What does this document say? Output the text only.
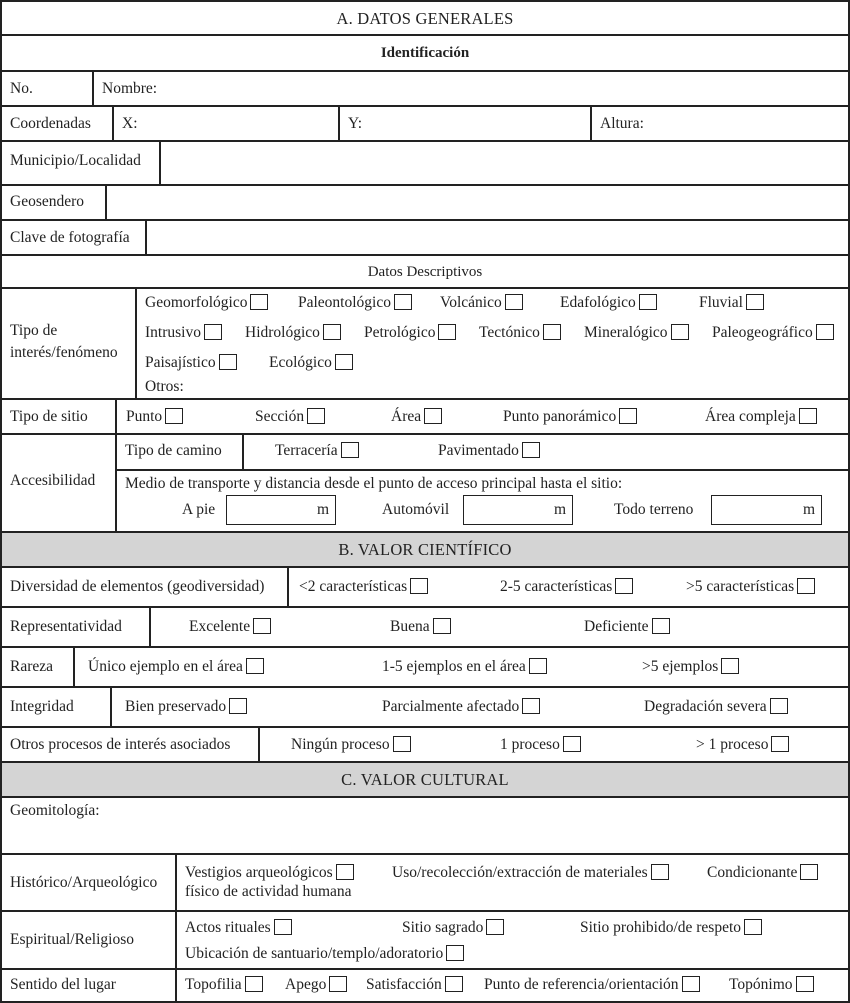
A. DATOS GENERALES
Identificación
No.	Nombre:
Coordenadas X:	Y:	Altura:
Municipio/Localidad
Geosendero
Clave de fotografía
Datos Descriptivos
Tipo de
interés/fenómeno
Geomorfológico	Paleontológico	Volcánico	Edafológico	Fluvial
Intrusivo	Hidrológico	Petrológico	Tectónico	Mineralógico	Paleogeográfico
Paisajístico	Ecológico
Otros:
Tipo de sitio Punto	Sección	Área	Punto panorámico	Área compleja
Accesibilidad
Tipo de camino	Terracería	Pavimentado
Medio de transporte y distancia desde el punto de acceso principal hasta el sitio:
A pie	m	Automóvil	m	Todo terreno	m
B. VALOR CIENTÍFICO
Diversidad de elementos (geodiversidad) <2 características	2-5 características	>5 características
Representatividad	Excelente	Buena	Deficiente
Rareza Único ejemplo en el área	1-5 ejemplos en el área	>5 ejemplos
Integridad	Bien preservado	Parcialmente afectado	Degradación severa
Otros procesos de interés asociados	Ningún proceso	1 proceso	> 1 proceso
C. VALOR CULTURAL
Geomitología:
Histórico/Arqueológico
Vestigios arqueológicos	Uso/recolección/extracción de materiales	Condicionante
físico de actividad humana
Espiritual/Religioso
Actos rituales	Sitio sagrado	Sitio prohibido/de respeto
Ubicación de santuario/templo/adoratorio
Sentido del lugar	Topofilia	Apego	Satisfacción	Punto de referencia/orientación	Topónimo
